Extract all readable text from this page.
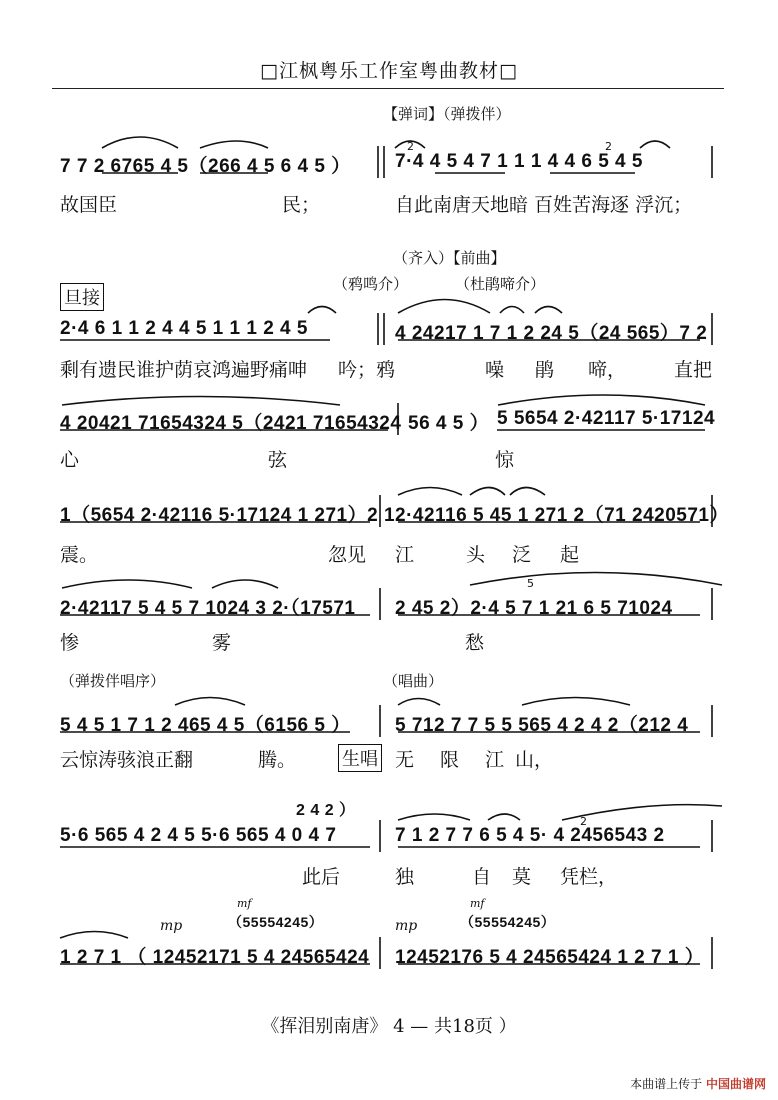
□江枫粤乐工作室粤曲教材□
【弹词】（弹拨伴）
7 7 2 6765 4 5（266 4 5 6 4 5 ） 7·4 4 5 4 7 1 1 1 4 4 6 5 4 5
2	2
故国臣	民；	自此南唐天地暗 百姓苦海逐 浮沉；
（齐入）【前曲】
（鸦鸣介）	（杜鹃啼介）
旦接
2·4 6 1 1 2 4 4 5 1 1 1 2 4 5	4 24217 1 7 1 2 24 5（24 565）7 2
剩有遗民谁护荫哀鸿遍野痛呻 吟；鸦	噪 鹃 啼，	直把
4 20421 71654324 5（2421 71654324 56 4 5 ） 5 5654 2·42117 5·17124
心	弦	惊
1（5654 2·42116 5·17124 1 271）2 1 2·42116 5 45 1 271 2（71 2420571）
震。	忽见 江	头 泛 起
2·42117 5 4 5 7 1024 3 2·（17571 2 45 2）2·4 5 7 1 21 6 5 71024
5
惨	雾	愁
（弹拨伴唱序）	（唱曲）
5 4 5 1 7 1 2 465 4 5（6156 5 ） 5 712 7 7 5 5 565 4 2 4 2（212 4
云惊涛骇浪正翻	腾。	生唱 无 限 江 山，
2 4 2 ）
5·6 565 4 2 4 5 5·6 565 4 0 4 7	7 1 2 7 7 6 5 4 5· 4 2456543 2
2
此后	独	自 莫 凭栏，
mp
mf
mp
mf
（55554245）	（55554245）
1 2 7 1 （ 12452171 5 4 24565424 12452176 5 4 24565424 1 2 7 1 ）
《挥泪别南唐》 4 — 共18页 ）
本曲谱上传于 中国曲谱网
